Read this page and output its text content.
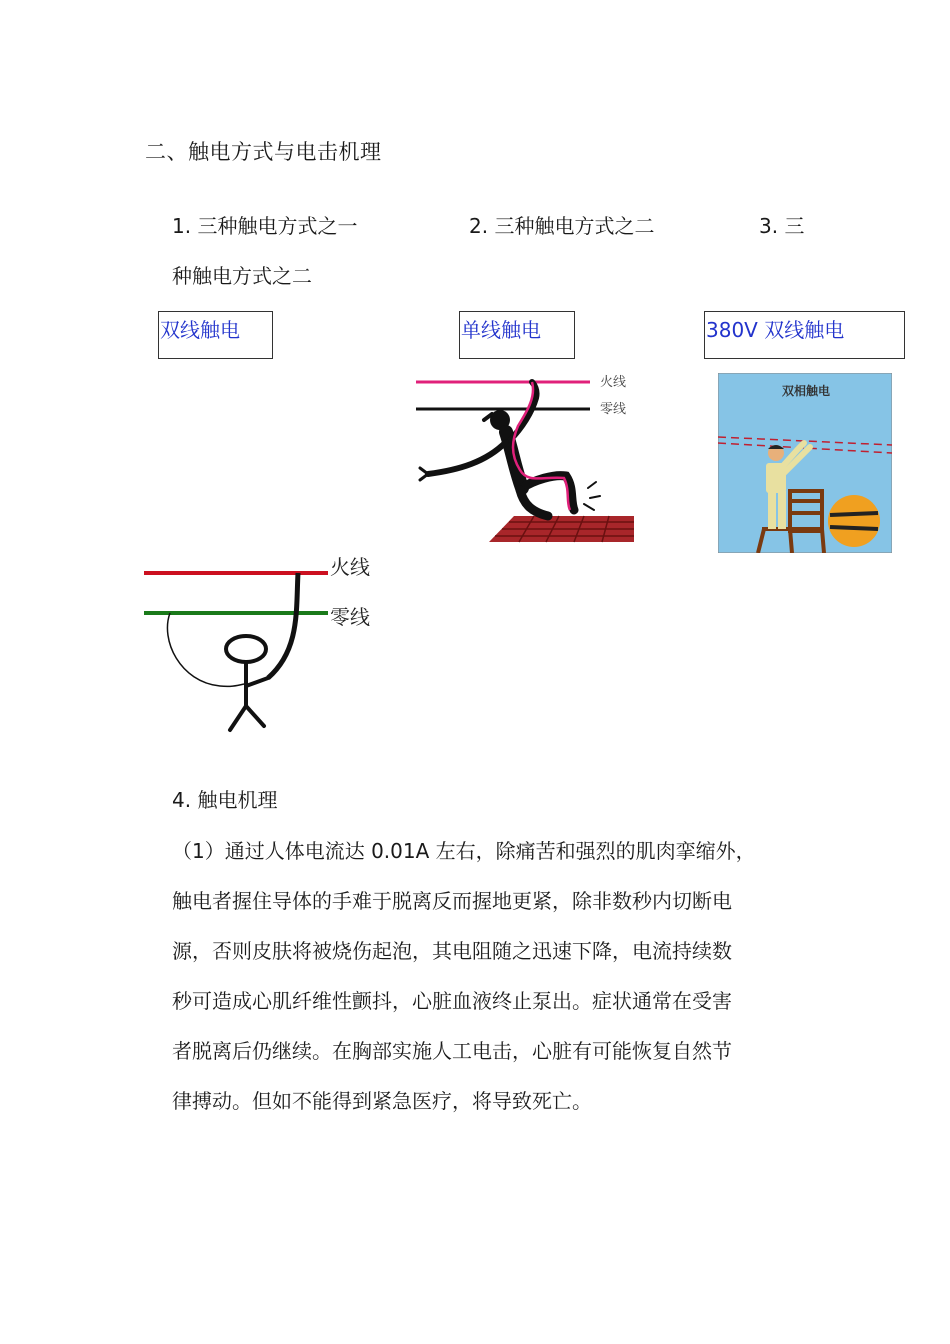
二、触电方式与电击机理
1. 三种触电方式之一	2. 三种触电方式之二	3. 三
种触电方式之二
双线触电	单线触电	380V 双线触电
火线
零线
双相触电
火线
零线
4. 触电机理
（1）通过人体电流达 0.01A 左右，除痛苦和强烈的肌肉挛缩外，
触电者握住导体的手难于脱离反而握地更紧，除非数秒内切断电
源，否则皮肤将被烧伤起泡，其电阻随之迅速下降，电流持续数
秒可造成心肌纤维性颤抖，心脏血液终止泵出。症状通常在受害
者脱离后仍继续。在胸部实施人工电击，心脏有可能恢复自然节
律搏动。但如不能得到紧急医疗，将导致死亡。
